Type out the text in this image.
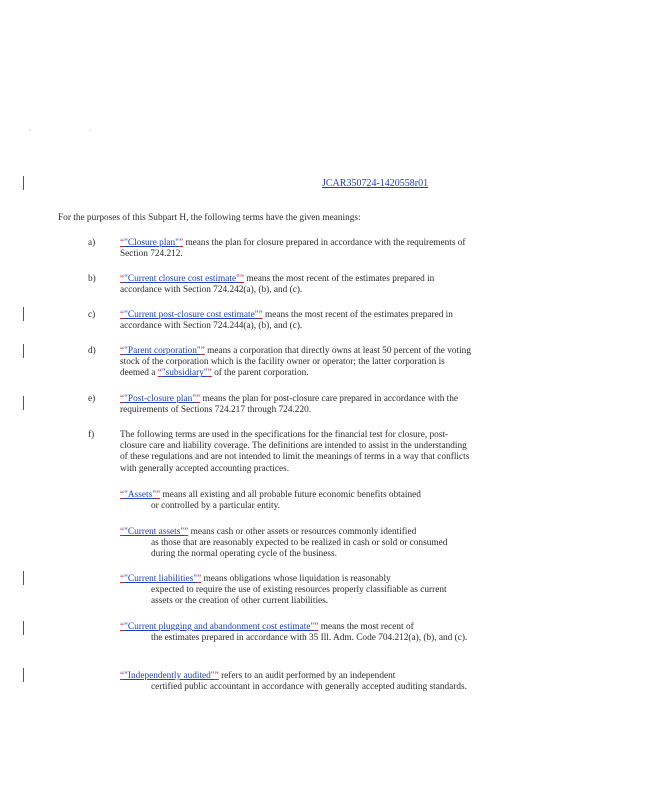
· ·
JCAR350724-1420558r01
For the purposes of this Subpart H, the following terms have the given meanings:
a)	“"Closure plan"” means the plan for closure prepared in accordance with the requirements of Section 724.212.
b)	“"Current closure cost estimate"” means the most recent of the estimates prepared in accordance with Section 724.242(a), (b), and (c).
c)	“"Current post-closure cost estimate"” means the most recent of the estimates prepared in accordance with Section 724.244(a), (b), and (c).
d)	“"Parent corporation"” means a corporation that directly owns at least 50 percent of the voting stock of the corporation which is the facility owner or operator; the latter corporation is deemed a “"subsidiary"” of the parent corporation.
e)	“"Post-closure plan"” means the plan for post-closure care prepared in accordance with the requirements of Sections 724.217 through 724.220.
f)	The following terms are used in the specifications for the financial test for closure, post-closure care and liability coverage. The definitions are intended to assist in the understanding of these regulations and are not intended to limit the meanings of terms in a way that conflicts with generally accepted accounting practices.
“"Assets"” means all existing and all probable future economic benefits obtained
or controlled by a particular entity.
“"Current assets"” means cash or other assets or resources commonly identified
as those that are reasonably expected to be realized in cash or sold or consumed during the normal operating cycle of the business.
“"Current liabilities"” means obligations whose liquidation is reasonably
expected to require the use of existing resources properly classifiable as current assets or the creation of other current liabilities.
“"Current plugging and abandonment cost estimate"” means the most recent of
the estimates prepared in accordance with 35 Ill. Adm. Code 704.212(a), (b), and (c).
“"Independently audited"” refers to an audit performed by an independent
certified public accountant in accordance with generally accepted auditing standards.
